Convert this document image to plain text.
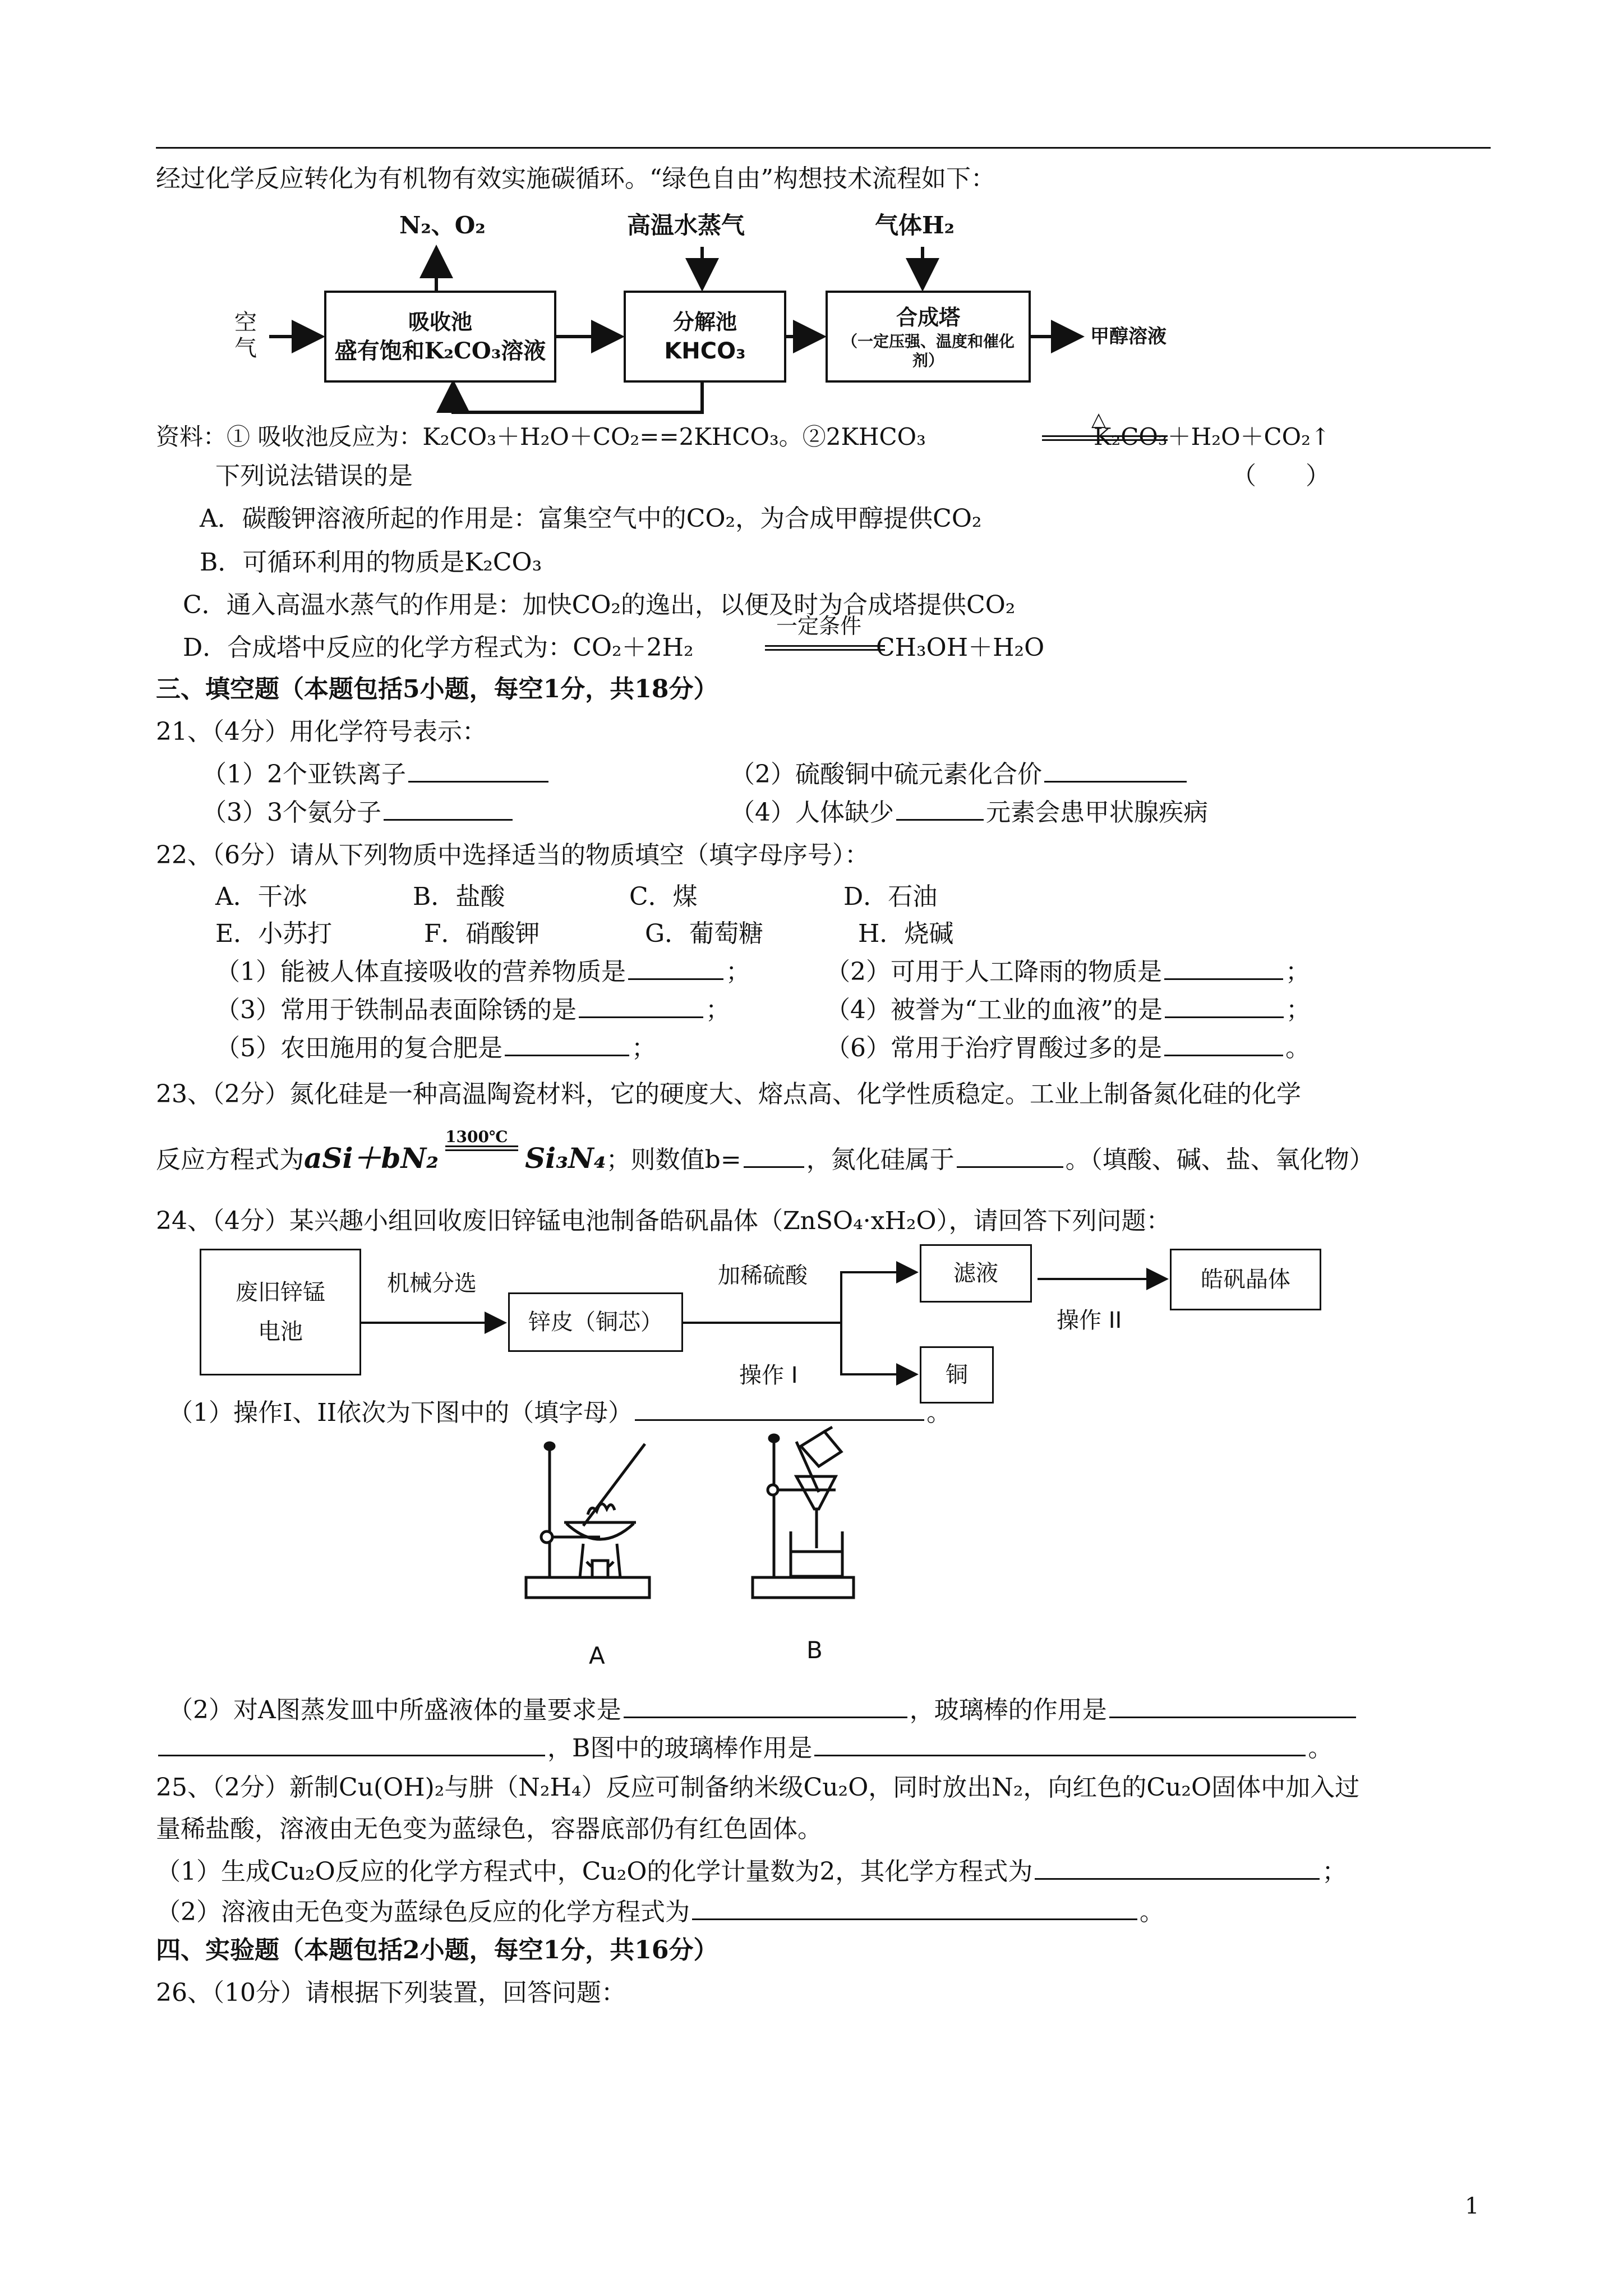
经过化学反应转化为有机物有效实施碳循环。“绿色自由”构想技术流程如下：
N₂、O₂	高温水蒸气	气体H₂
空
气
吸收池
盛有饱和K₂CO₃溶液
分解池
KHCO₃
合成塔
（一定压强、温度和催化剂）
甲醇溶液
资料：① 吸收池反应为：K₂CO₃＋H₂O＋CO₂==2KHCO₃。②2KHCO₃
△
K₂CO₃＋H₂O＋CO₂↑
下列说法错误的是	（　　）
A．碳酸钾溶液所起的作用是：富集空气中的CO₂，为合成甲醇提供CO₂
B．可循环利用的物质是K₂CO₃
C．通入高温水蒸气的作用是：加快CO₂的逸出，以便及时为合成塔提供CO₂
D．合成塔中反应的化学方程式为：CO₂＋2H₂
一定条件
CH₃OH＋H₂O
三、填空题（本题包括5小题，每空1分，共18分）
21、（4分）用化学符号表示：
（1）2个亚铁离子	（2）硫酸铜中硫元素化合价
（3）3个氨分子	（4）人体缺少	元素会患甲状腺疾病
22、（6分）请从下列物质中选择适当的物质填空（填字母序号）：
A．干冰	B．盐酸	C．煤	D．石油
E．小苏打	F．硝酸钾	G．葡萄糖	H．烧碱
（1）能被人体直接吸收的营养物质是	；	（2）可用于人工降雨的物质是	；
（3）常用于铁制品表面除锈的是	；	（4）被誉为“工业的血液”的是	；
（5）农田施用的复合肥是	；	（6）常用于治疗胃酸过多的是	。
23、（2分）氮化硅是一种高温陶瓷材料，它的硬度大、熔点高、化学性质稳定。工业上制备氮化硅的化学
反应方程式为aSi＋bN₂
1300℃
Si₃N₄；则数值b=	，氮化硅属于	。（填酸、碱、盐、氧化物）
24、（4分）某兴趣小组回收废旧锌锰电池制备皓矾晶体（ZnSO₄·xH₂O），请回答下列问题：
废旧锌锰
电池
机械分选
锌皮（铜芯）
加稀硫酸
操作 I
滤液
铜
操作 II
皓矾晶体
（1）操作I、II依次为下图中的（填字母）	。
A	B
（2）对A图蒸发皿中所盛液体的量要求是	，玻璃棒的作用是
，B图中的玻璃棒作用是	。
25、（2分）新制Cu(OH)₂与肼（N₂H₄）反应可制备纳米级Cu₂O，同时放出N₂，向红色的Cu₂O固体中加入过
量稀盐酸，溶液由无色变为蓝绿色，容器底部仍有红色固体。
（1）生成Cu₂O反应的化学方程式中，Cu₂O的化学计量数为2，其化学方程式为	；
（2）溶液由无色变为蓝绿色反应的化学方程式为	。
四、实验题（本题包括2小题，每空1分，共16分）
26、（10分）请根据下列装置，回答问题：
1
